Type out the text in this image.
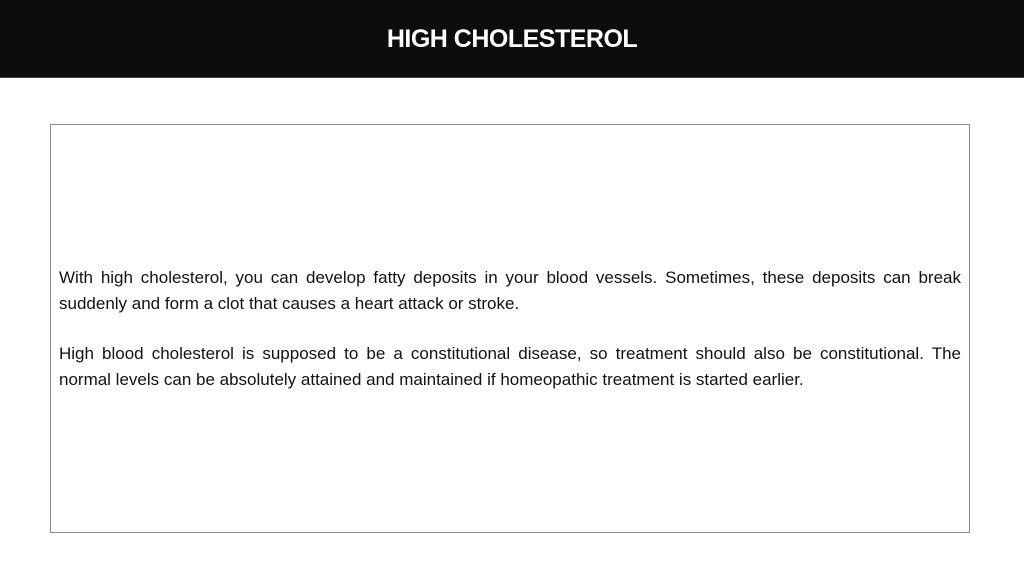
HIGH CHOLESTEROL

With high cholesterol, you can develop fatty deposits in your blood vessels. Sometimes, these deposits can break suddenly and form a clot that causes a heart attack or stroke.

High blood cholesterol is supposed to be a constitutional disease, so treatment should also be constitutional. The normal levels can be absolutely attained and maintained if homeopathic treatment is started earlier.
